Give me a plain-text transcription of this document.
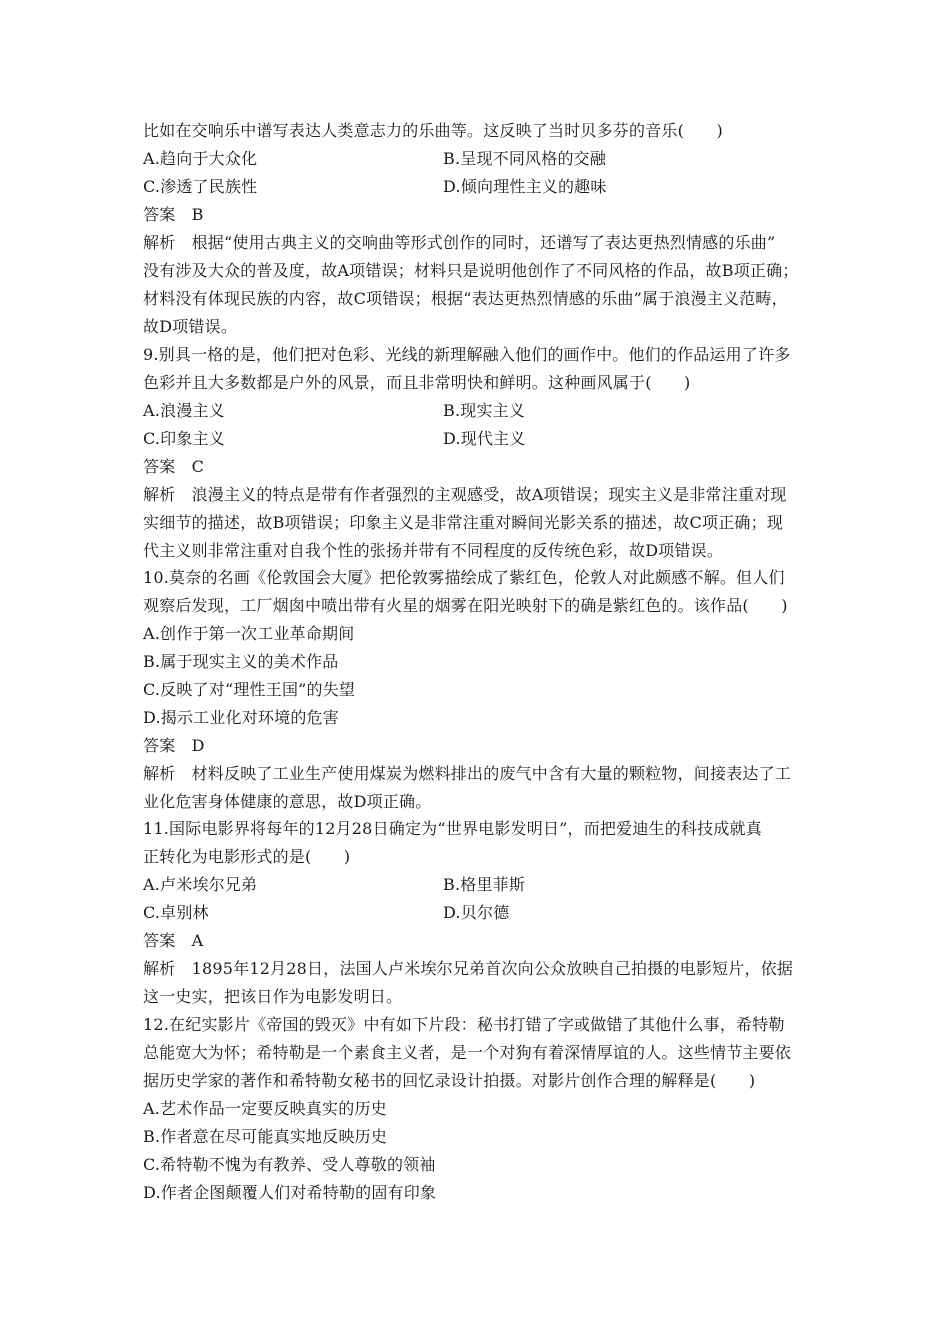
比如在交响乐中谱写表达人类意志力的乐曲等。这反映了当时贝多芬的音乐(　　)
A.趋向于大众化	B.呈现不同风格的交融
C.渗透了民族性	D.倾向理性主义的趣味
答案　B
解析　根据“使用古典主义的交响曲等形式创作的同时，还谱写了表达更热烈情感的乐曲”
没有涉及大众的普及度，故A项错误；材料只是说明他创作了不同风格的作品，故B项正确；
材料没有体现民族的内容，故C项错误；根据“表达更热烈情感的乐曲”属于浪漫主义范畴，
故D项错误。
9.别具一格的是，他们把对色彩、光线的新理解融入他们的画作中。他们的作品运用了许多
色彩并且大多数都是户外的风景，而且非常明快和鲜明。这种画风属于(　　)
A.浪漫主义	B.现实主义
C.印象主义	D.现代主义
答案　C
解析　浪漫主义的特点是带有作者强烈的主观感受，故A项错误；现实主义是非常注重对现
实细节的描述，故B项错误；印象主义是非常注重对瞬间光影关系的描述，故C项正确；现
代主义则非常注重对自我个性的张扬并带有不同程度的反传统色彩，故D项错误。
10.莫奈的名画《伦敦国会大厦》把伦敦雾描绘成了紫红色，伦敦人对此颇感不解。但人们
观察后发现，工厂烟囱中喷出带有火星的烟雾在阳光映射下的确是紫红色的。该作品(　　)
A.创作于第一次工业革命期间
B.属于现实主义的美术作品
C.反映了对“理性王国”的失望
D.揭示工业化对环境的危害
答案　D
解析　材料反映了工业生产使用煤炭为燃料排出的废气中含有大量的颗粒物，间接表达了工
业化危害身体健康的意思，故D项正确。
11.国际电影界将每年的12月28日确定为“世界电影发明日”，而把爱迪生的科技成就真
正转化为电影形式的是(　　)
A.卢米埃尔兄弟	B.格里菲斯
C.卓别林	D.贝尔德
答案　A
解析　1895年12月28日，法国人卢米埃尔兄弟首次向公众放映自己拍摄的电影短片，依据
这一史实，把该日作为电影发明日。
12.在纪实影片《帝国的毁灭》中有如下片段：秘书打错了字或做错了其他什么事，希特勒
总能宽大为怀；希特勒是一个素食主义者，是一个对狗有着深情厚谊的人。这些情节主要依
据历史学家的著作和希特勒女秘书的回忆录设计拍摄。对影片创作合理的解释是(　　)
A.艺术作品一定要反映真实的历史
B.作者意在尽可能真实地反映历史
C.希特勒不愧为有教养、受人尊敬的领袖
D.作者企图颠覆人们对希特勒的固有印象
